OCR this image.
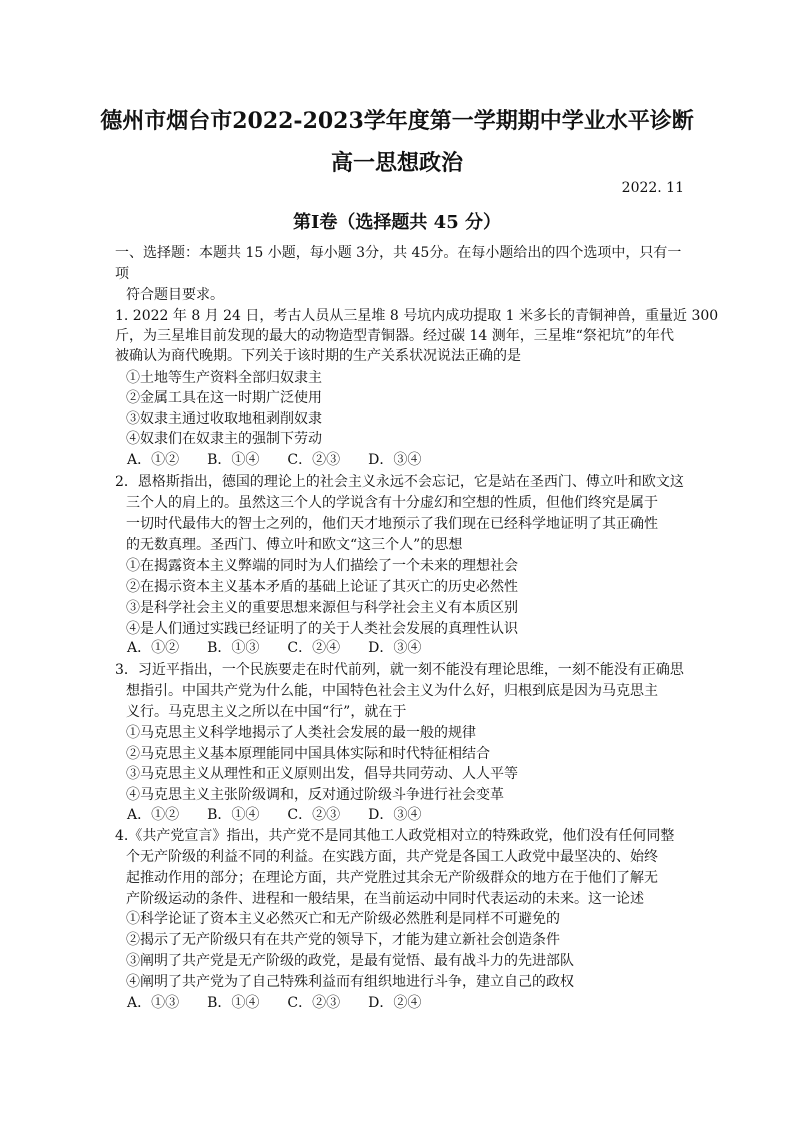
德州市烟台市2022-2023学年度第一学期期中学业水平诊断
高一思想政治
2022. 11
第I卷（选择题共 45 分）
一、选择题：本题共 15 小题，每小题 3分，共 45分。在每小题给出的四个选项中，只有一
项
符合题目要求。
1. 2022 年 8 月 24 日，考古人员从三星堆 8 号坑内成功提取 1 米多长的青铜神兽，重量近 300
斤，为三星堆目前发现的最大的动物造型青铜器。经过碳 14 测年，三星堆“祭祀坑”的年代
被确认为商代晚期。下列关于该时期的生产关系状况说法正确的是
①土地等生产资料全部归奴隶主
②金属工具在这一时期广泛使用
③奴隶主通过收取地租剥削奴隶
④奴隶们在奴隶主的强制下劳动
A．①② B．①④ C．②③ D．③④
2．恩格斯指出，德国的理论上的社会主义永远不会忘记，它是站在圣西门、傅立叶和欧文这
三个人的肩上的。虽然这三个人的学说含有十分虚幻和空想的性质，但他们终究是属于
一切时代最伟大的智士之列的，他们天才地预示了我们现在已经科学地证明了其正确性
的无数真理。圣西门、傅立叶和欧文“这三个人”的思想
①在揭露资本主义弊端的同时为人们描绘了一个未来的理想社会
②在揭示资本主义基本矛盾的基础上论证了其灭亡的历史必然性
③是科学社会主义的重要思想来源但与科学社会主义有本质区别
④是人们通过实践已经证明了的关于人类社会发展的真理性认识
A．①② B．①③ C．②④ D．③④
3．习近平指出，一个民族要走在时代前列，就一刻不能没有理论思维，一刻不能没有正确思
想指引。中国共产党为什么能，中国特色社会主义为什么好，归根到底是因为马克思主
义行。马克思主义之所以在中国“行”，就在于
①马克思主义科学地揭示了人类社会发展的最一般的规律
②马克思主义基本原理能同中国具体实际和时代特征相结合
③马克思主义从理性和正义原则出发，倡导共同劳动、人人平等
④马克思主义主张阶级调和，反对通过阶级斗争进行社会变革
A．①② B．①④ C．②③ D．③④
4.《共产党宣言》指出，共产党不是同其他工人政党相对立的特殊政党，他们没有任何同整
个无产阶级的利益不同的利益。在实践方面，共产党是各国工人政党中最坚决的、始终
起推动作用的部分；在理论方面，共产党胜过其余无产阶级群众的地方在于他们了解无
产阶级运动的条件、进程和一般结果，在当前运动中同时代表运动的未来。这一论述
①科学论证了资本主义必然灭亡和无产阶级必然胜利是同样不可避免的
②揭示了无产阶级只有在共产党的领导下，才能为建立新社会创造条件
③阐明了共产党是无产阶级的政党，是最有觉悟、最有战斗力的先进部队
④阐明了共产党为了自己特殊利益而有组织地进行斗争，建立自己的政权
A．①③ B．①④ C．②③ D．②④
